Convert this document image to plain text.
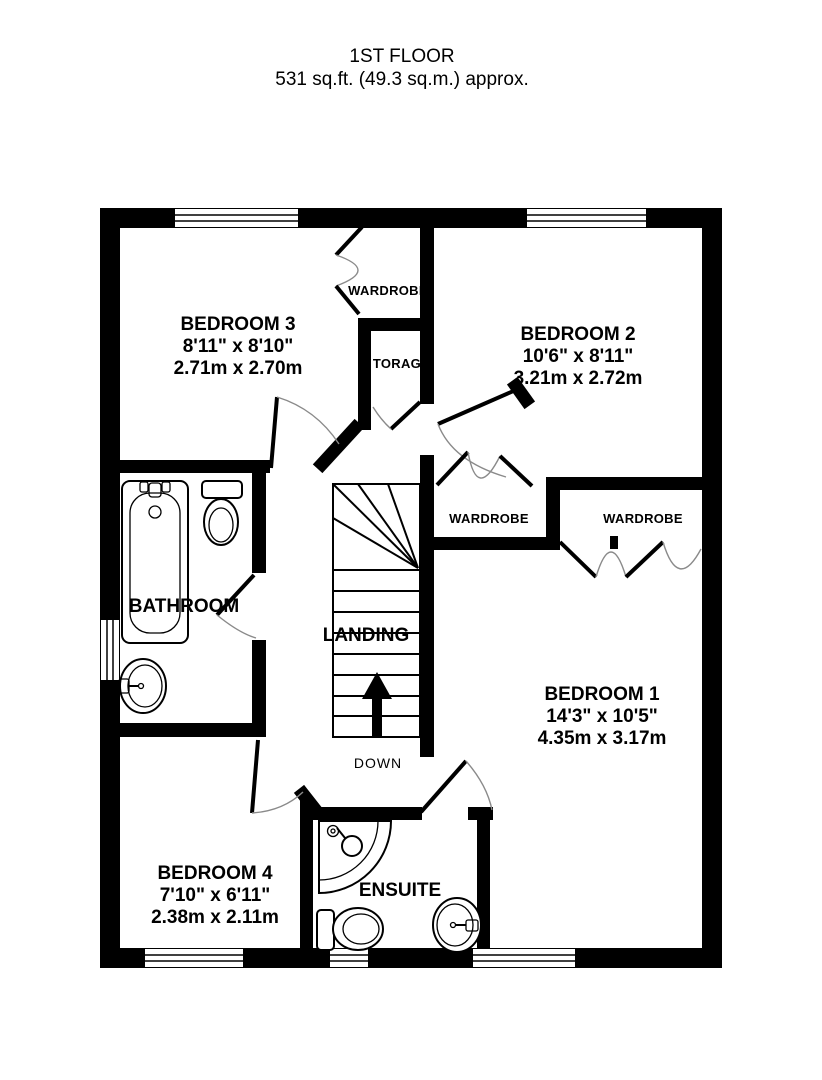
1ST FLOOR
531 sq.ft. (49.3 sq.m.) approx.
BEDROOM 3
8'11" x 8'10"
2.71m x 2.70m
BEDROOM 2
10'6" x 8'11"
3.21m x 2.72m
BEDROOM 1
14'3" x 10'5"
4.35m x 3.17m
BEDROOM 4
7'10" x 6'11"
2.38m x 2.11m
BATHROOM
ENSUITE
LANDING
WARDROBE
TORAG
WARDROBE	WARDROBE
DOWN
